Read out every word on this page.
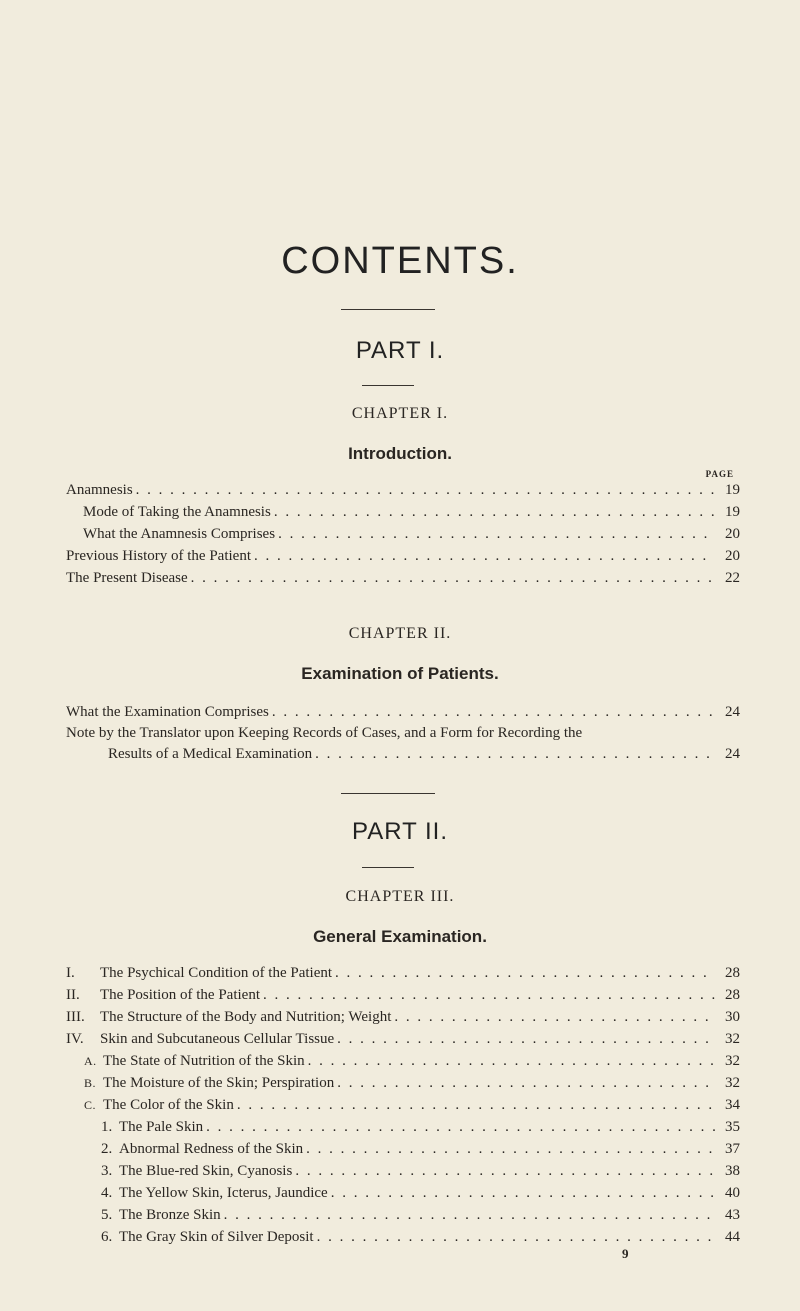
CONTENTS.
PART I.
CHAPTER I.
Introduction.
PAGE
Anamnesis . . .	19
Mode of Taking the Anamnesis . . .	19
What the Anamnesis Comprises . . .	20
Previous History of the Patient . . .	20
The Present Disease . . .	22
CHAPTER II.
Examination of Patients.
What the Examination Comprises . . .	24
Note by the Translator upon Keeping Records of Cases, and a Form for Recording the
Results of a Medical Examination . . .	24
PART II.
CHAPTER III.
General Examination.
I.	The Psychical Condition of the Patient . . .	28
II.	The Position of the Patient . . .	28
III.	The Structure of the Body and Nutrition; Weight . . .	30
IV.	Skin and Subcutaneous Cellular Tissue . . .	32
A. The State of Nutrition of the Skin . . .	32
B. The Moisture of the Skin; Perspiration . . .	32
C. The Color of the Skin . . .	34
1. The Pale Skin . . .	35
2. Abnormal Redness of the Skin . . .	37
3. The Blue-red Skin, Cyanosis . . .	38
4. The Yellow Skin, Icterus, Jaundice . . .	40
5. The Bronze Skin . . .	43
6. The Gray Skin of Silver Deposit . . .	44
9
